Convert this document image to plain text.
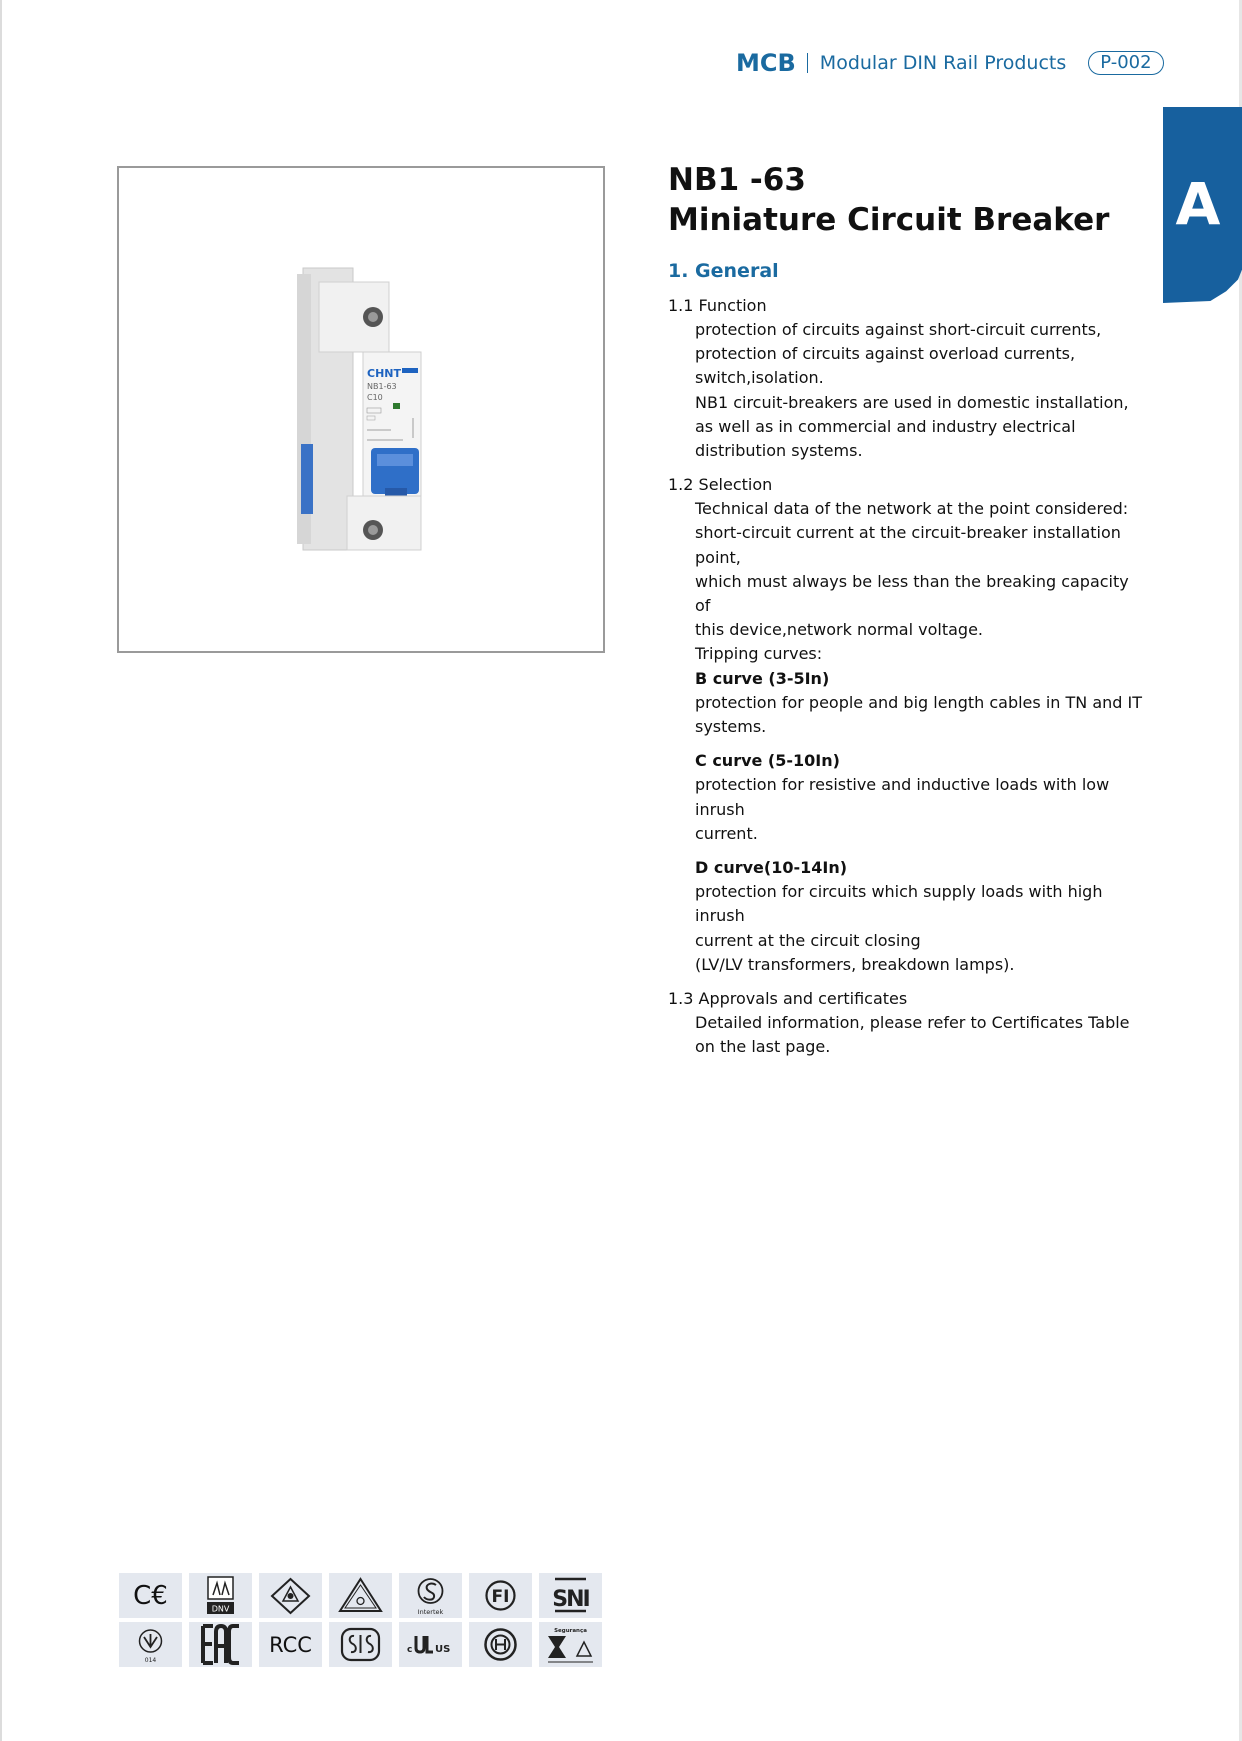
MCB Modular DIN Rail Products	P-002
A
CHNT
NB1-63
C10
NB1 -63
Miniature Circuit Breaker
1. General
1.1 Function
protection of circuits against short-circuit currents,
protection of circuits against overload currents,
switch,isolation.
NB1 circuit-breakers are used in domestic installation,
as well as in commercial and industry electrical
distribution systems.
1.2 Selection
Technical data of the network at the point considered:
short-circuit current at the circuit-breaker installation point,
which must always be less than the breaking capacity of
this device,network normal voltage.
Tripping curves:
B curve (3-5In)
protection for people and big length cables in TN and IT
systems.
C curve (5-10In)
protection for resistive and inductive loads with low inrush
current.
D curve(10-14In)
protection for circuits which supply loads with high inrush
current at the circuit closing
(LV/LV transformers, breakdown lamps).
1.3 Approvals and certificates
Detailed information, please refer to Certificates Table
on the last page.
C€	DNV	Intertek
FI SNI
014
RCC	c US
Segurança
